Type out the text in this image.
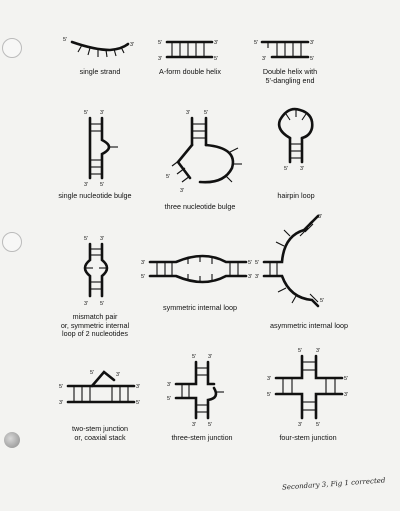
5'
3'	5'	3'
3'	5'
5'	3'
3'	5'
5' 3'
3' 5'
3'	5'
5'
3'
5' 3'
5' 3'
3' 5'
3'
5'
5'
3'
5'
3'
3'
5'
5'	3'
5'
3'
3'
5'
5' 3'
3'
5'
3' 5'
5'	3'
3'
5'
5'
3'
3'	5'
single strand	A-form double helix	Double helix with
5'-dangling end
single nucleotide bulge
three nucleotide bulge
hairpin loop
mismatch pair
or, symmetric internal
loop of 2 nucleotides
symmetric internal loop
asymmetric internal loop
two-stem junction
or, coaxial stack	three-stem junction	four-stem junction
Secondary 3, Fig 1 corrected
